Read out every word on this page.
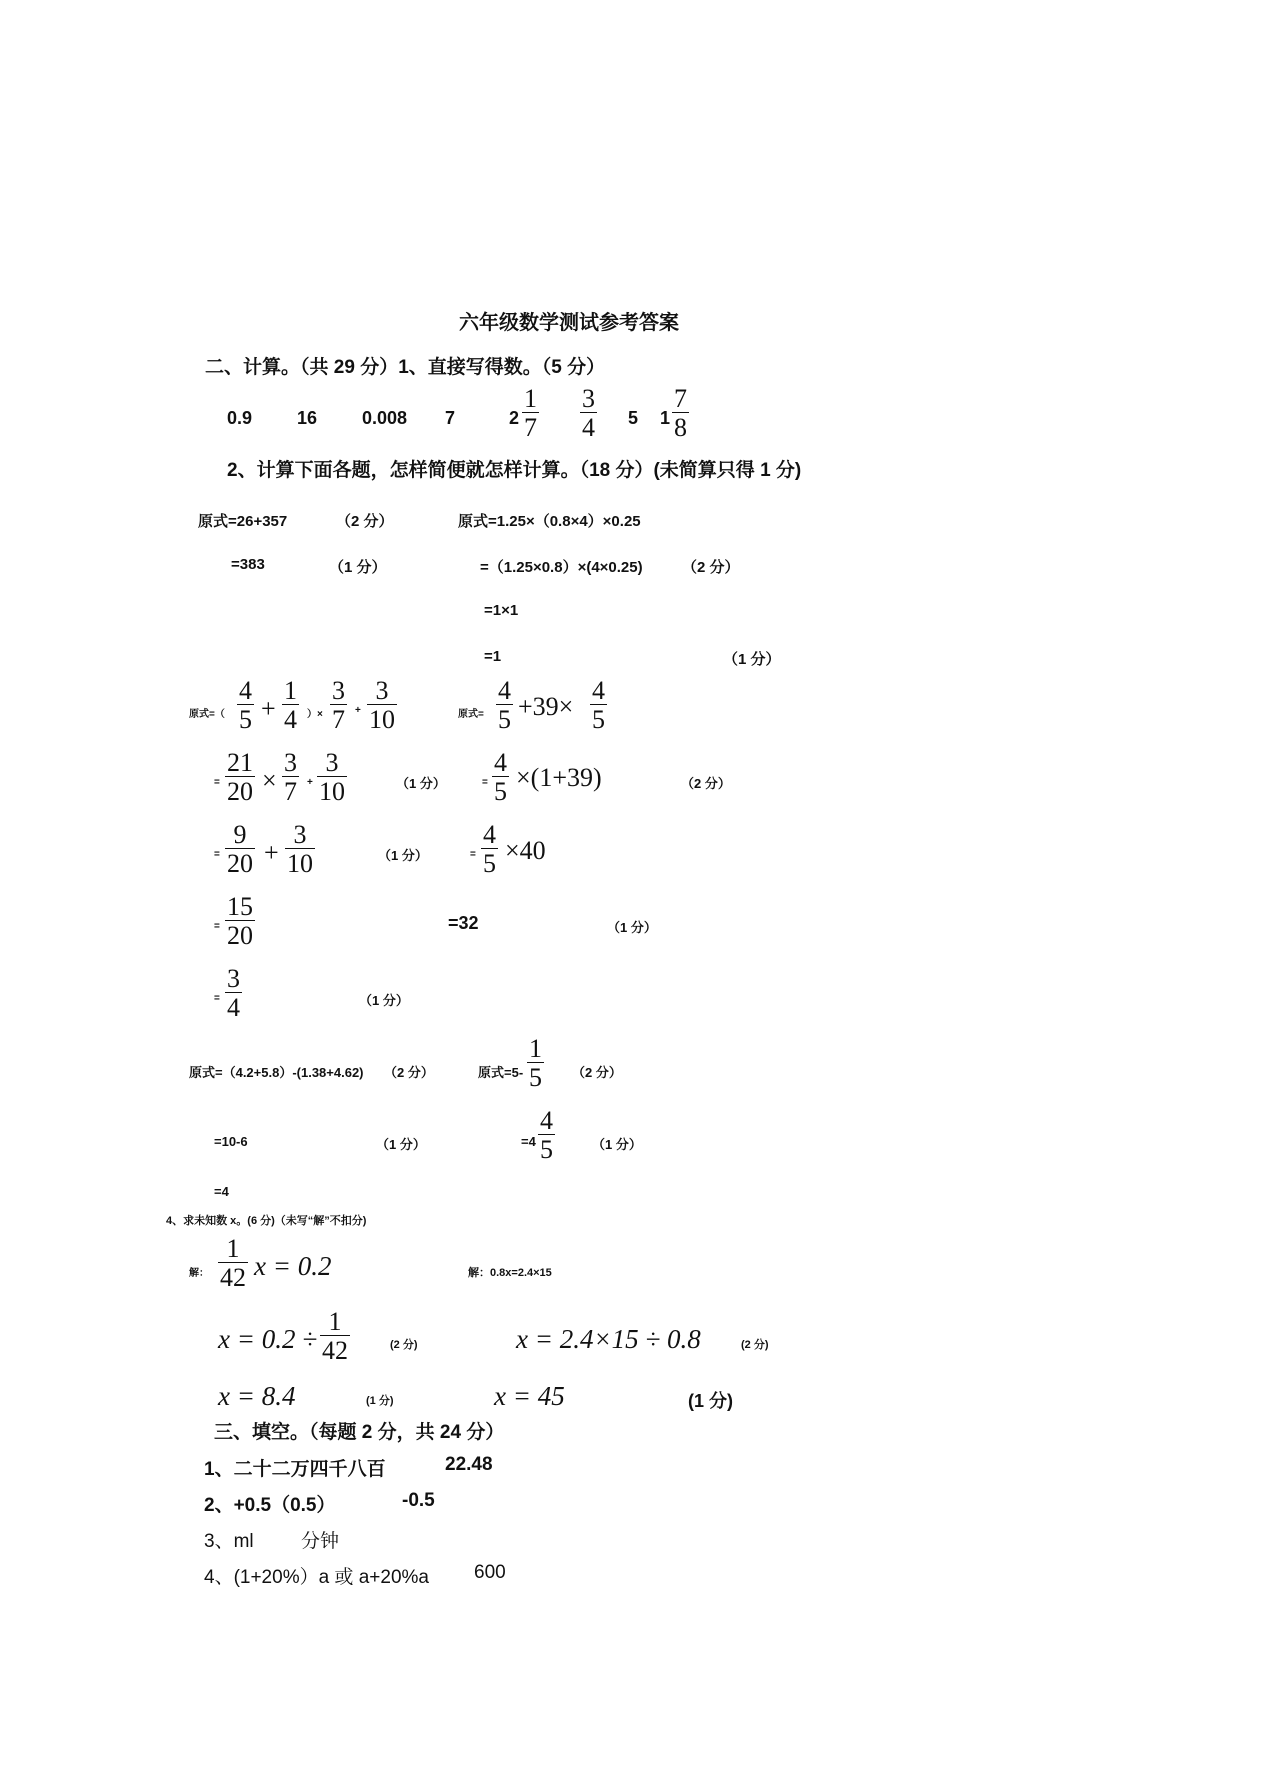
六年级数学测试参考答案
二、计算。（共 29 分）1、直接写得数。（5 分）
0.9 16 0.008 7	$2 \frac{1}{7} \frac{3}{4} 5$ $1 \frac{7}{8}$
2、计算下面各题，怎样简便就怎样计算。（18 分）(未简算只得 1 分)
原式=26+357	（2 分）
=383	（1 分）
原式=1.25×（0.8×4）×0.25
=（1.25×0.8）×(4×0.25)	（2 分）
=1×1
=1	（1 分）
原式=（ $\frac{4}{5} + \frac{1}{4}$ ）× $\frac{3}{7} + \frac{3}{10}$
= $\frac{21}{20} \times \frac{3}{7} + \frac{3}{10}$	（1 分）
= $\frac{9}{20} + \frac{3}{10}$	（1 分）
= $\frac{15}{20}$
= $\frac{3}{4}$	（1 分）
原式= $\frac{4}{5} +39\times \frac{4}{5}$
= $\frac{4}{5} \times(1+39)$	（2 分）
= $\frac{4}{5} \times 40$
=32	（1 分）
原式=（4.2+5.8）-(1.38+4.62) （2 分）
=10-6	（1 分）
=4
原式$=5- \frac{1}{5} (2$ 分）
$=4 \frac{4}{5}$	（1 分）
4、求未知数 x。(6 分)（未写“解”不扣分)
解： $\frac{1}{42}$ x = 0.2
$x = 0.2 \div \frac{1}{42}$	(2 分)
x = 8.4	(1 分)
解：0.8x=2.4×15
x = 2.4×15 ÷ 0.8	(2 分)
x = 45	(1 分)
三、填空。（每题 2 分，共 24 分）
1、二十二万四千八百	22.48
2、+0.5（0.5）	-0.5
3、ml 分钟
4、(1+20%）a 或 a+20%a 600
